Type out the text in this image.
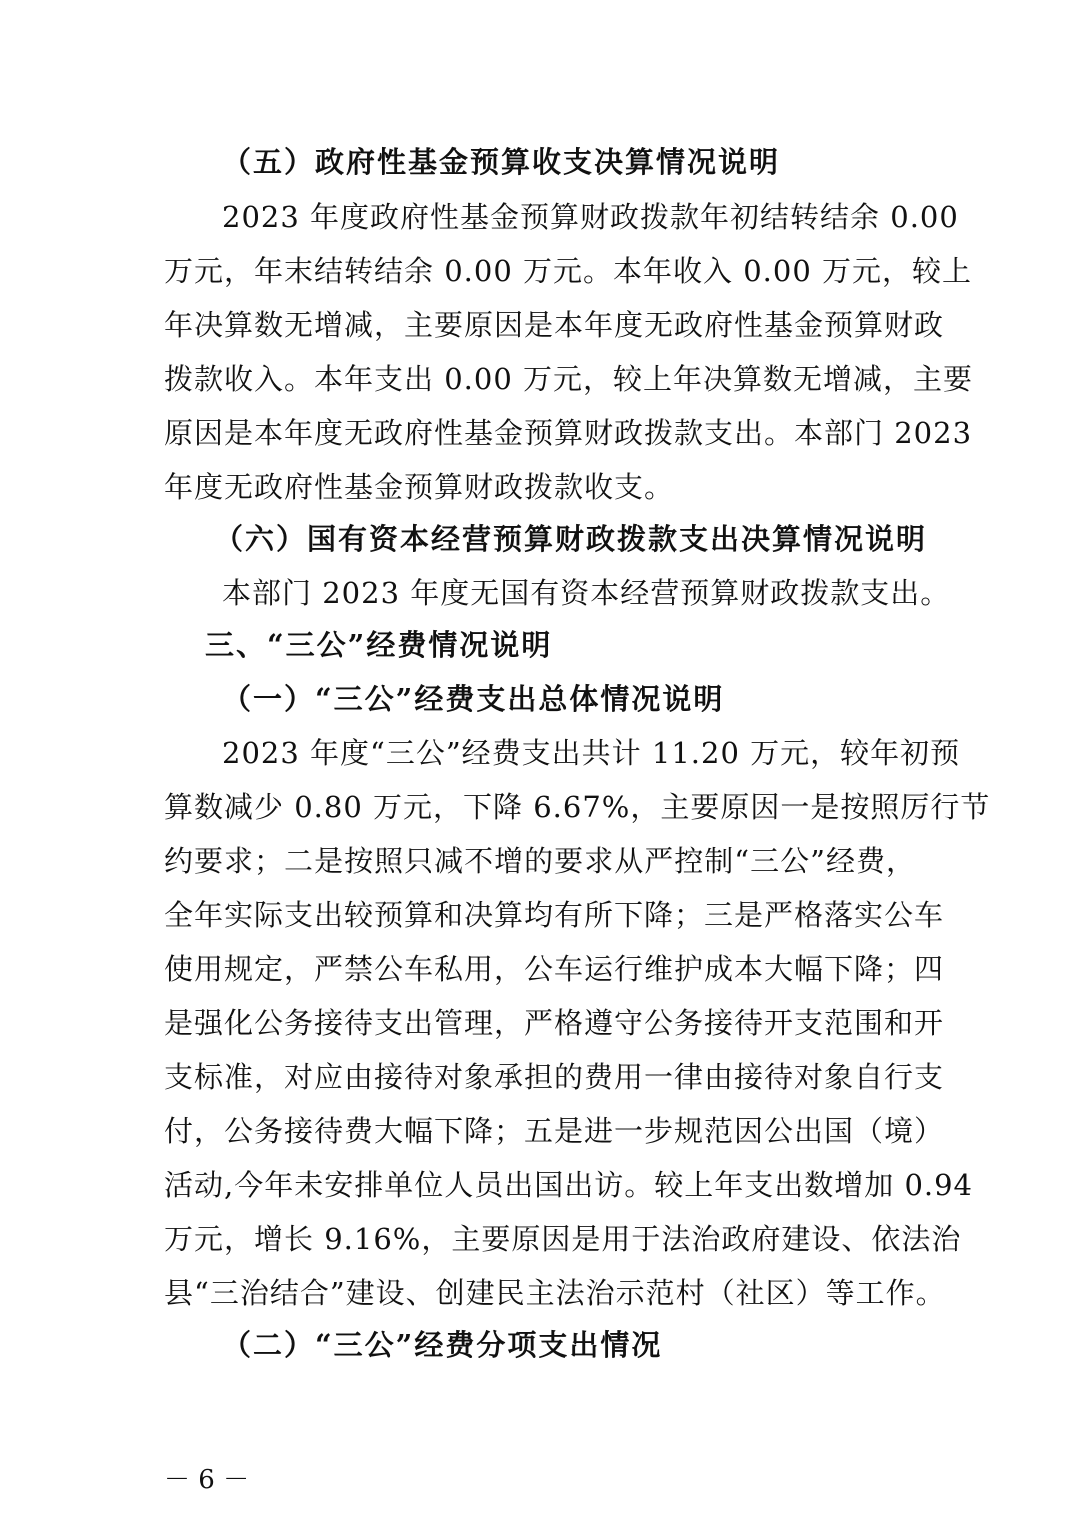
（五）政府性基金预算收支决算情况说明
2023 年度政府性基金预算财政拨款年初结转结余 0.00
万元，年末结转结余 0.00 万元。本年收入 0.00 万元，较上
年决算数无增减，主要原因是本年度无政府性基金预算财政
拨款收入。本年支出 0.00 万元，较上年决算数无增减，主要
原因是本年度无政府性基金预算财政拨款支出。本部门 2023
年度无政府性基金预算财政拨款收支。
（六）国有资本经营预算财政拨款支出决算情况说明
本部门 2023 年度无国有资本经营预算财政拨款支出。
三、“三公”经费情况说明
（一）“三公”经费支出总体情况说明
2023 年度“三公”经费支出共计 11.20 万元，较年初预
算数减少 0.80 万元，下降 6.67%，主要原因一是按照厉行节
约要求；二是按照只减不增的要求从严控制“三公”经费，
全年实际支出较预算和决算均有所下降；三是严格落实公车
使用规定，严禁公车私用，公车运行维护成本大幅下降；四
是强化公务接待支出管理，严格遵守公务接待开支范围和开
支标准，对应由接待对象承担的费用一律由接待对象自行支
付，公务接待费大幅下降；五是进一步规范因公出国（境）
活动,今年未安排单位人员出国出访。较上年支出数增加 0.94
万元，增长 9.16%，主要原因是用于法治政府建设、依法治
县“三治结合”建设、创建民主法治示范村（社区）等工作。
（二）“三公”经费分项支出情况
－ 6 －
